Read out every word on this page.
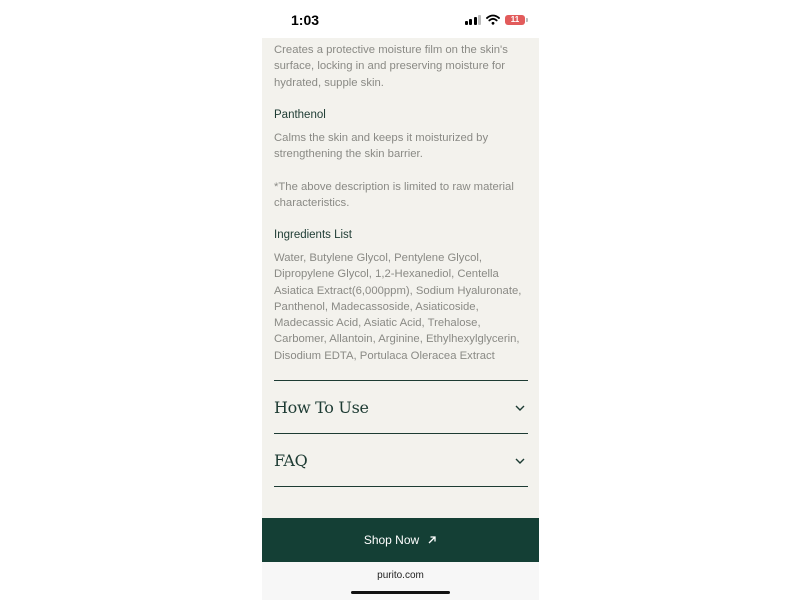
1:03	11

Creates a protective moisture film on the skin's surface, locking in and preserving moisture for hydrated, supple skin.

Panthenol

Calms the skin and keeps it moisturized by strengthening the skin barrier.

*The above description is limited to raw material characteristics.

Ingredients List

Water, Butylene Glycol, Pentylene Glycol, Dipropylene Glycol, 1,2-Hexanediol, Centella Asiatica Extract(6,000ppm), Sodium Hyaluronate, Panthenol, Madecassoside, Asiaticoside, Madecassic Acid, Asiatic Acid, Trehalose, Carbomer, Allantoin, Arginine, Ethylhexylglycerin, Disodium EDTA, Portulaca Oleracea Extract

How To Use
FAQ
Shop Now
purito.com
